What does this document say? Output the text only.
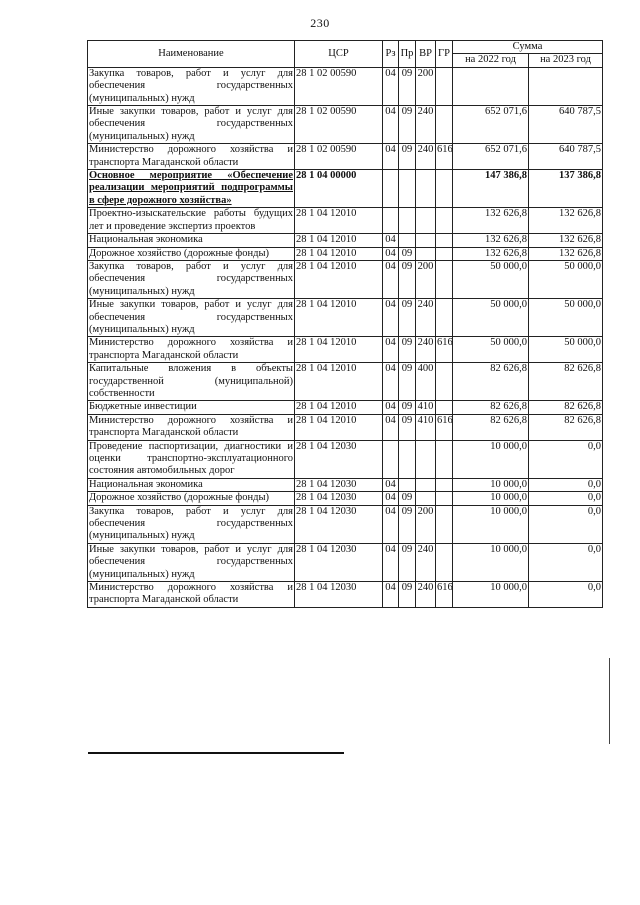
230
Наименование	ЦСР	Рз	Пр	ВР	ГР	Сумма	
						на 2022 год	на 2023 год
Закупка товаров, работ и услуг для обеспечения государственных (муниципальных) нужд	28 1 02 00590	04	09	200			
Иные закупки товаров, работ и услуг для обеспечения государственных (муниципальных) нужд	28 1 02 00590	04	09	240		652 071,6	640 787,5
Министерство дорожного хозяйства и транспорта Магаданской области	28 1 02 00590	04	09	240	616	652 071,6	640 787,5
Основное мероприятие «Обеспечение реализации мероприятий подпрограммы в сфере дорожного хозяйства»	28 1 04 00000					147 386,8	137 386,8
Проектно-изыскательские работы будущих лет и проведение экспертиз проектов	28 1 04 12010					132 626,8	132 626,8
Национальная экономика	28 1 04 12010	04				132 626,8	132 626,8
Дорожное хозяйство (дорожные фонды)	28 1 04 12010	04	09			132 626,8	132 626,8
Закупка товаров, работ и услуг для обеспечения государственных (муниципальных) нужд	28 1 04 12010	04	09	200		50 000,0	50 000,0
Иные закупки товаров, работ и услуг для обеспечения государственных (муниципальных) нужд	28 1 04 12010	04	09	240		50 000,0	50 000,0
Министерство дорожного хозяйства и транспорта Магаданской области	28 1 04 12010	04	09	240	616	50 000,0	50 000,0
Капитальные вложения в объекты государственной (муниципальной) собственности	28 1 04 12010	04	09	400		82 626,8	82 626,8
Бюджетные инвестиции	28 1 04 12010	04	09	410		82 626,8	82 626,8
Министерство дорожного хозяйства и транспорта Магаданской области	28 1 04 12010	04	09	410	616	82 626,8	82 626,8
Проведение паспортизации, диагностики и оценки транспортно-эксплуатационного состояния автомобильных дорог	28 1 04 12030					10 000,0	0,0
Национальная экономика	28 1 04 12030	04				10 000,0	0,0
Дорожное хозяйство (дорожные фонды)	28 1 04 12030	04	09			10 000,0	0,0
Закупка товаров, работ и услуг для обеспечения государственных (муниципальных) нужд	28 1 04 12030	04	09	200		10 000,0	0,0
Иные закупки товаров, работ и услуг для обеспечения государственных (муниципальных) нужд	28 1 04 12030	04	09	240		10 000,0	0,0
Министерство дорожного хозяйства и транспорта Магаданской области	28 1 04 12030	04	09	240	616	10 000,0	0,0
